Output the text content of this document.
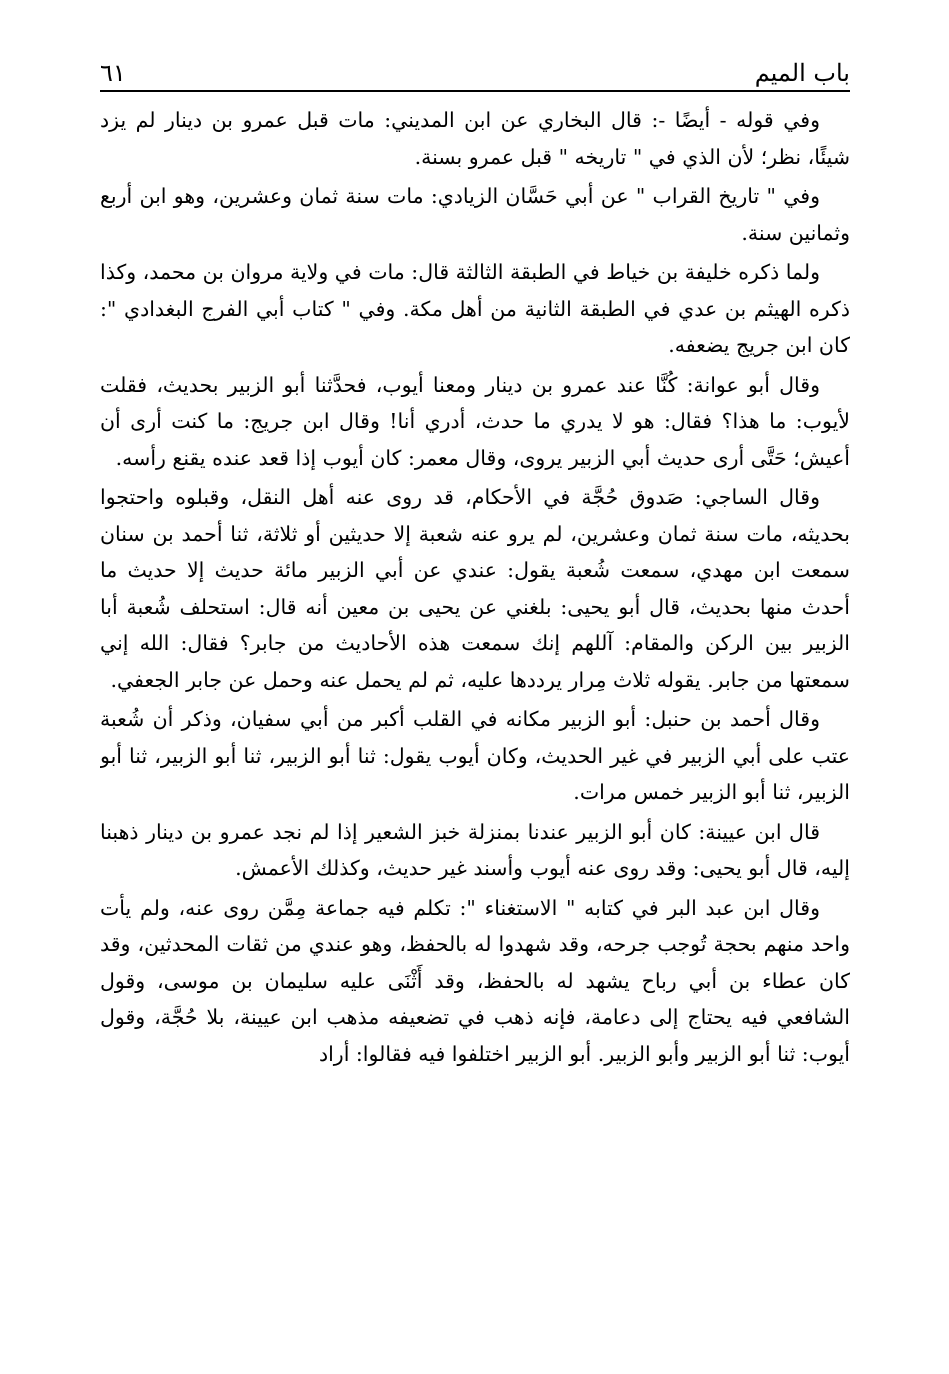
باب الميم
٦١

وفي قوله - أيضًا -: قال البخاري عن ابن المديني: مات قبل عمرو بن دينار لم يزد شيئًا، نظر؛ لأن الذي في " تاريخه " قبل عمرو بسنة.

وفي " تاريخ القراب " عن أبي حَسَّان الزيادي: مات سنة ثمان وعشرين، وهو ابن أربع وثمانين سنة.

ولما ذكره خليفة بن خياط في الطبقة الثالثة قال: مات في ولاية مروان بن محمد، وكذا ذكره الهيثم بن عدي في الطبقة الثانية من أهل مكة. وفي " كتاب أبي الفرج البغدادي ": كان ابن جريج يضعفه.

وقال أبو عوانة: كُنَّا عند عمرو بن دينار ومعنا أيوب، فحدَّثنا أبو الزبير بحديث، فقلت لأيوب: ما هذا؟ فقال: هو لا يدري ما حدث، أدري أنا! وقال ابن جريج: ما كنت أرى أن أعيش؛ حَتَّى أرى حديث أبي الزبير يروى، وقال معمر: كان أيوب إذا قعد عنده يقنع رأسه.

وقال الساجي: صَدوق حُجَّة في الأحكام، قد روى عنه أهل النقل، وقبلوه واحتجوا بحديثه، مات سنة ثمان وعشرين، لم يرو عنه شعبة إلا حديثين أو ثلاثة، ثنا أحمد بن سنان سمعت ابن مهدي، سمعت شُعبة يقول: عندي عن أبي الزبير مائة حديث إلا حديث ما أحدث منها بحديث، قال أبو يحيى: بلغني عن يحيى بن معين أنه قال: استحلف شُعبة أبا الزبير بين الركن والمقام: آللهم إنك سمعت هذه الأحاديث من جابر؟ فقال: الله إني سمعتها من جابر. يقوله ثلاث مِرار يرددها عليه، ثم لم يحمل عنه وحمل عن جابر الجعفي.

وقال أحمد بن حنبل: أبو الزبير مكانه في القلب أكبر من أبي سفيان، وذكر أن شُعبة عتب على أبي الزبير في غير الحديث، وكان أيوب يقول: ثنا أبو الزبير، ثنا أبو الزبير، ثنا أبو الزبير، ثنا أبو الزبير خمس مرات.

قال ابن عيينة: كان أبو الزبير عندنا بمنزلة خبز الشعير إذا لم نجد عمرو بن دينار ذهبنا إليه، قال أبو يحيى: وقد روى عنه أيوب وأسند غير حديث، وكذلك الأعمش.

وقال ابن عبد البر في كتابه " الاستغناء ": تكلم فيه جماعة مِمَّن روى عنه، ولم يأت واحد منهم بحجة تُوجب جرحه، وقد شهدوا له بالحفظ، وهو عندي من ثقات المحدثين، وقد كان عطاء بن أبي رباح يشهد له بالحفظ، وقد أَثْنَى عليه سليمان بن موسى، وقول الشافعي فيه يحتاج إلى دعامة، فإنه ذهب في تضعيفه مذهب ابن عيينة، بلا حُجَّة، وقول أيوب: ثنا أبو الزبير وأبو الزبير. أبو الزبير اختلفوا فيه فقالوا: أراد
